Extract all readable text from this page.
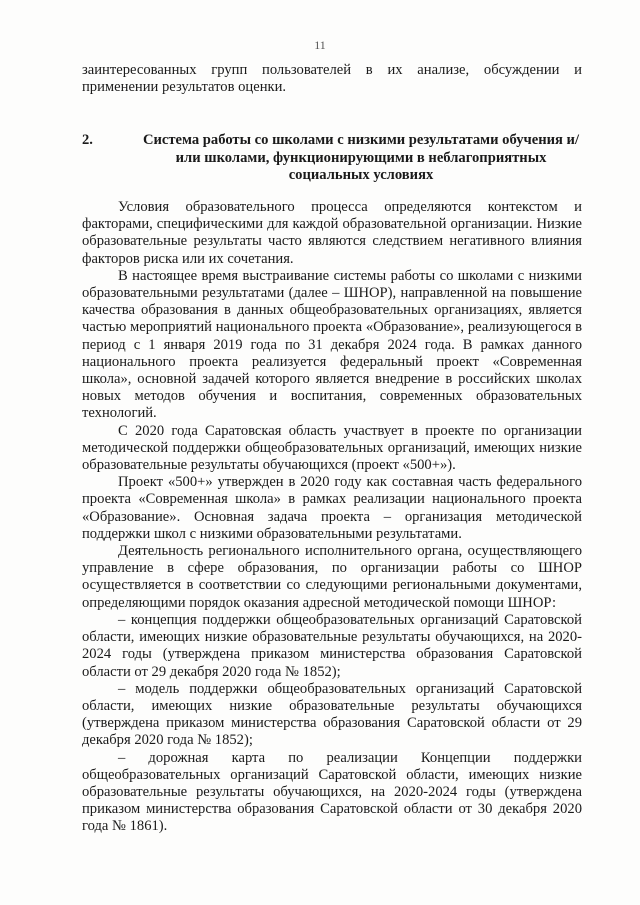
11

заинтересованных групп пользователей в их анализе, обсуждении и применении результатов оценки.

2.	Система работы со школами с низкими результатами обучения и/или школами, функционирующими в неблагоприятных социальных условиях

Условия образовательного процесса определяются контекстом и факторами, специфическими для каждой образовательной организации. Низкие образовательные результаты часто являются следствием негативного влияния факторов риска или их сочетания.

В настоящее время выстраивание системы работы со школами с низкими образовательными результатами (далее – ШНОР), направленной на повышение качества образования в данных общеобразовательных организациях, является частью мероприятий национального проекта «Образование», реализующегося в период с 1 января 2019 года по 31 декабря 2024 года. В рамках данного национального проекта реализуется федеральный проект «Современная школа», основной задачей которого является внедрение в российских школах новых методов обучения и воспитания, современных образовательных технологий.

С 2020 года Саратовская область участвует в проекте по организации методической поддержки общеобразовательных организаций, имеющих низкие образовательные результаты обучающихся (проект «500+»).

Проект «500+» утвержден в 2020 году как составная часть федерального проекта «Современная школа» в рамках реализации национального проекта «Образование». Основная задача проекта – организация методической поддержки школ с низкими образовательными результатами.

Деятельность регионального исполнительного органа, осуществляющего управление в сфере образования, по организации работы со ШНОР осуществляется в соответствии со следующими региональными документами, определяющими порядок оказания адресной методической помощи ШНОР:

– концепция поддержки общеобразовательных организаций Саратовской области, имеющих низкие образовательные результаты обучающихся, на 2020-2024 годы (утверждена приказом министерства образования Саратовской области от 29 декабря 2020 года № 1852);

– модель поддержки общеобразовательных организаций Саратовской области, имеющих низкие образовательные результаты обучающихся (утверждена приказом министерства образования Саратовской области от 29 декабря 2020 года № 1852);

– дорожная карта по реализации Концепции поддержки общеобразовательных организаций Саратовской области, имеющих низкие образовательные результаты обучающихся, на 2020-2024 годы (утверждена приказом министерства образования Саратовской области от 30 декабря 2020 года № 1861).
